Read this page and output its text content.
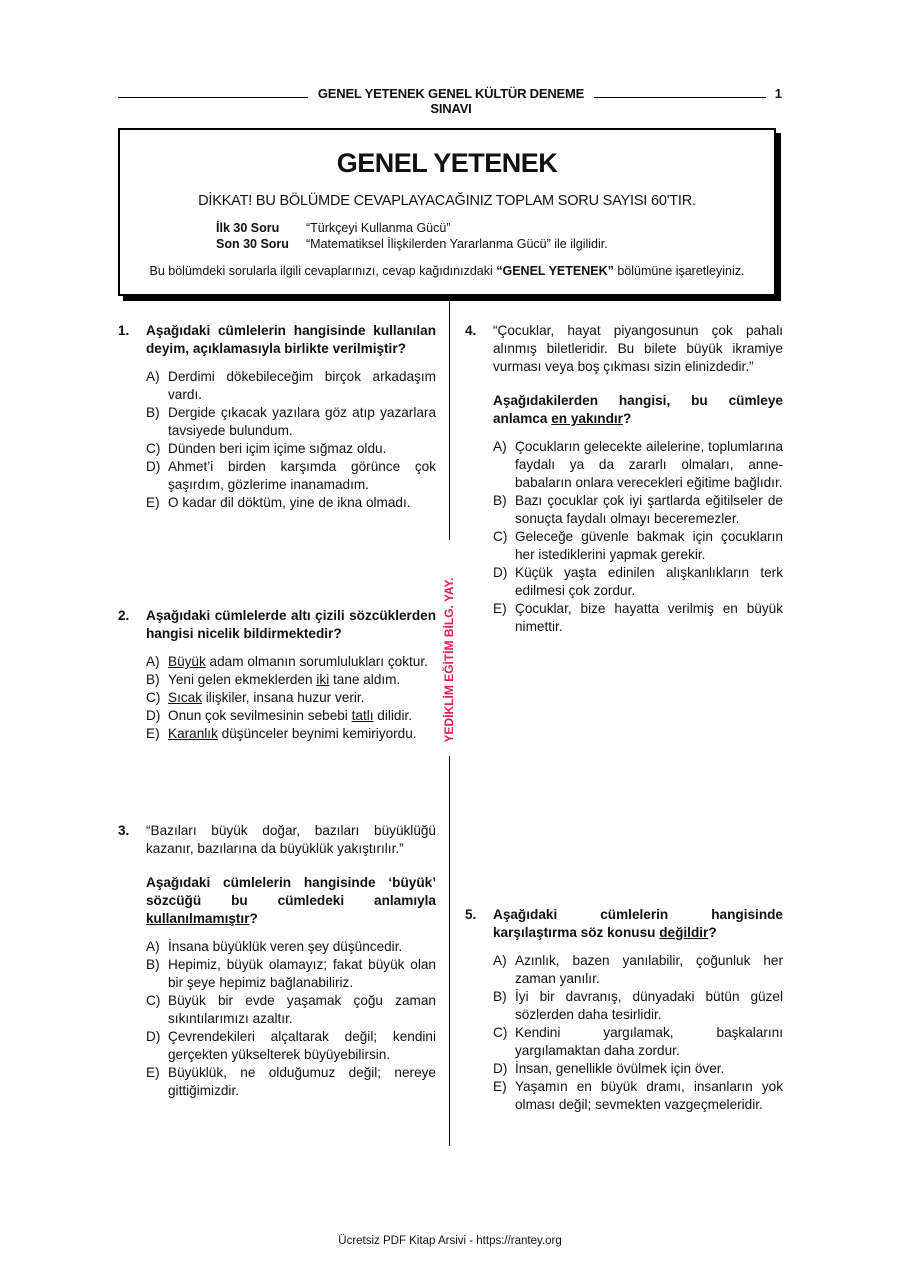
GENEL YETENEK GENEL KÜLTÜR DENEME SINAVI
1
GENEL YETENEK
DİKKAT! BU BÖLÜMDE CEVAPLAYACAĞINIZ TOPLAM SORU SAYISI 60'TIR.
İlk 30 Soru “Türkçeyi Kullanma Gücü”
Son 30 Soru “Matematiksel İlişkilerden Yararlanma Gücü” ile ilgilidir.
Bu bölümdeki sorularla ilgili cevaplarınızı, cevap kağıdınızdaki “GENEL YETENEK” bölümüne işaretleyiniz.
YEDİKLİM EĞİTİM BİLG. YAY.
1. Aşağıdaki cümlelerin hangisinde kullanılan deyim, açıklamasıyla birlikte verilmiştir?
A) Derdimi dökebileceğim birçok arkadaşım vardı.
B) Dergide çıkacak yazılara göz atıp yazarlara tavsiyede bulundum.
C) Dünden beri içim içime sığmaz oldu.
D) Ahmet’i birden karşımda görünce çok şaşırdım, gözlerime inanamadım.
E) O kadar dil döktüm, yine de ikna olmadı.
2. Aşağıdaki cümlelerde altı çizili sözcüklerden hangisi nicelik bildirmektedir?
A) Büyük adam olmanın sorumlulukları çoktur.
B) Yeni gelen ekmeklerden iki tane aldım.
C) Sıcak ilişkiler, insana huzur verir.
D) Onun çok sevilmesinin sebebi tatlı dilidir.
E) Karanlık düşünceler beynimi kemiriyordu.
3. “Bazıları büyük doğar, bazıları büyüklüğü kazanır, bazılarına da büyüklük yakıştırılır.”
Aşağıdaki cümlelerin hangisinde ‘büyük’ sözcüğü bu cümledeki anlamıyla kullanılmamıştır?
A) İnsana büyüklük veren şey düşüncedir.
B) Hepimiz, büyük olamayız; fakat büyük olan bir şeye hepimiz bağlanabiliriz.
C) Büyük bir evde yaşamak çoğu zaman sıkıntılarımızı azaltır.
D) Çevrendekileri alçaltarak değil; kendini gerçekten yükselterek büyüyebilirsin.
E) Büyüklük, ne olduğumuz değil; nereye gittiğimizdir.
4. “Çocuklar, hayat piyangosunun çok pahalı alınmış biletleridir. Bu bilete büyük ikramiye vurması veya boş çıkması sizin elinizdedir.”
Aşağıdakilerden hangisi, bu cümleye anlamca en yakındır?
A) Çocukların gelecekte ailelerine, toplumlarına faydalı ya da zararlı olmaları, anne-babaların onlara verecekleri eğitime bağlıdır.
B) Bazı çocuklar çok iyi şartlarda eğitilseler de sonuçta faydalı olmayı beceremezler.
C) Geleceğe güvenle bakmak için çocukların her istediklerini yapmak gerekir.
D) Küçük yaşta edinilen alışkanlıkların terk edilmesi çok zordur.
E) Çocuklar, bize hayatta verilmiş en büyük nimettir.
5. Aşağıdaki cümlelerin hangisinde karşılaştırma söz konusu değildir?
A) Azınlık, bazen yanılabilir, çoğunluk her zaman yanılır.
B) İyi bir davranış, dünyadaki bütün güzel sözlerden daha tesirlidir.
C) Kendini yargılamak, başkalarını yargılamaktan daha zordur.
D) İnsan, genellikle övülmek için över.
E) Yaşamın en büyük dramı, insanların yok olması değil; sevmekten vazgeçmeleridir.
Ücretsiz PDF Kitap Arsivi - https://rantey.org
